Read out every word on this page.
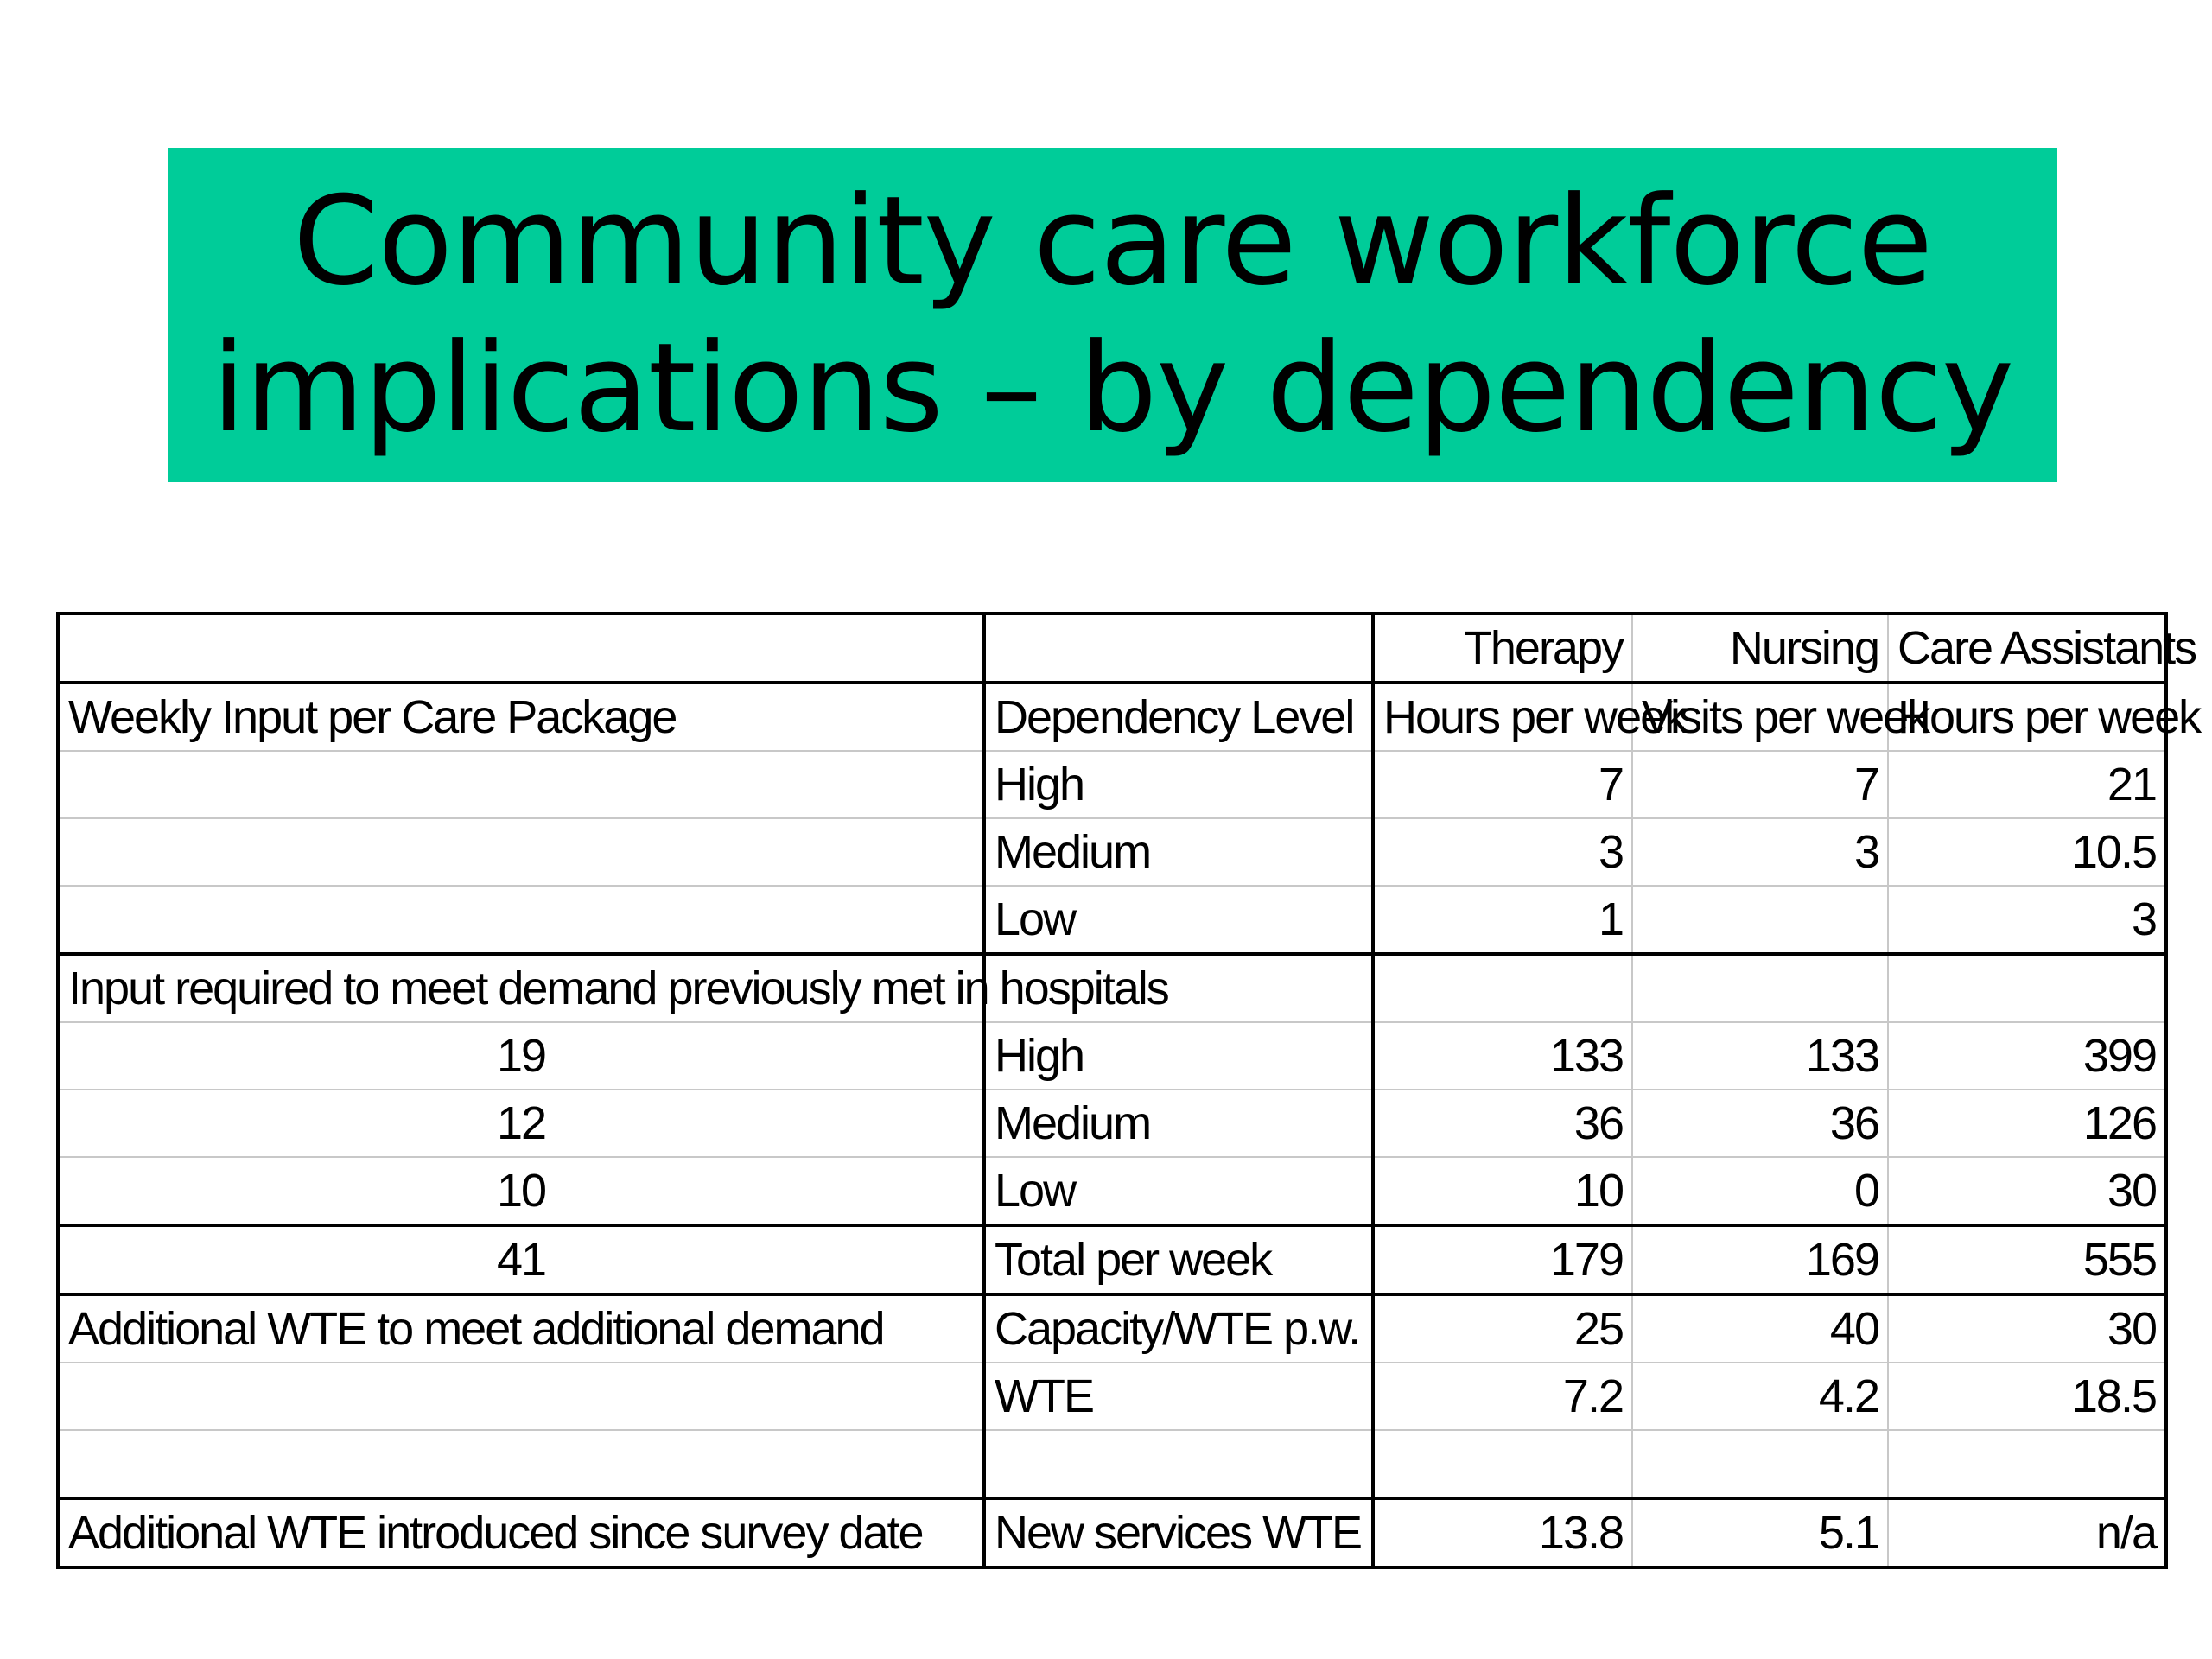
Community care workforce
implications – by dependency
		Therapy	Nursing	Care Assistants
Weekly Input per Care Package	Dependency Level	Hours per week	Visits per week	Hours per week
	High	7	7	21
	Medium	3	3	10.5
	Low	1		3
Input required to meet demand previously met in hospitals				
19	High	133	133	399
12	Medium	36	36	126
10	Low	10	0	30
41	Total per week	179	169	555
Additional WTE to meet additional demand	Capacity/WTE p.w.	25	40	30
	WTE	7.2	4.2	18.5

Additional WTE introduced since survey date	New services WTE	13.8	5.1	n/a
